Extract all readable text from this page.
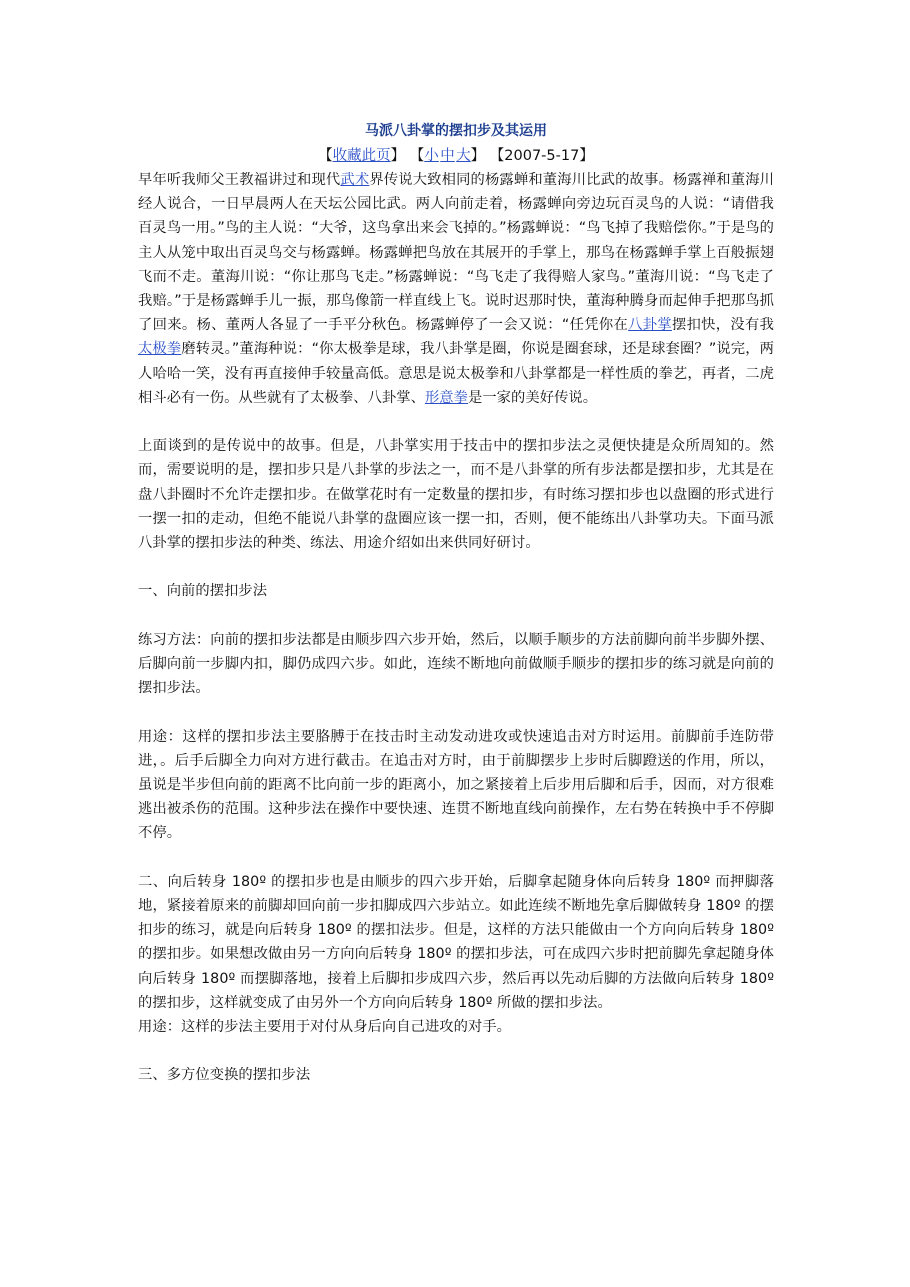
马派八卦掌的摆扣步及其运用
【收藏此页】 【小 中 大】 【2007-5-17】

早年听我师父王教福讲过和现代武术界传说大致相同的杨露蝉和董海川比武的故事。杨露禅和董海川经人说合，一日早晨两人在天坛公园比武。两人向前走着，杨露蝉向旁边玩百灵鸟的人说：“请借我百灵鸟一用。”鸟的主人说：“大爷，这鸟拿出来会飞掉的。”杨露蝉说：“鸟飞掉了我赔偿你。”于是鸟的主人从笼中取出百灵鸟交与杨露蝉。杨露蝉把鸟放在其展开的手掌上，那鸟在杨露蝉手掌上百般振翅飞而不走。董海川说：“你让那鸟飞走。”杨露蝉说：“鸟飞走了我得赔人家鸟。”董海川说：“鸟飞走了我赔。”于是杨露蝉手儿一振，那鸟像箭一样直线上飞。说时迟那时快，董海种腾身而起伸手把那鸟抓了回来。杨、董两人各显了一手平分秋色。杨露蝉停了一会又说：“任凭你在八卦掌摆扣快，没有我太极拳磨转灵。”董海种说：“你太极拳是球，我八卦掌是圈，你说是圈套球，还是球套圈？”说完，两人哈哈一笑，没有再直接伸手较量高低。意思是说太极拳和八卦掌都是一样性质的拳艺，再者，二虎相斗必有一伤。从些就有了太极拳、八卦掌、形意拳是一家的美好传说。

上面谈到的是传说中的故事。但是，八卦掌实用于技击中的摆扣步法之灵便快捷是众所周知的。然而，需要说明的是，摆扣步只是八卦掌的步法之一，而不是八卦掌的所有步法都是摆扣步，尤其是在盘八卦圈时不允许走摆扣步。在做掌花时有一定数量的摆扣步，有时练习摆扣步也以盘圈的形式进行一摆一扣的走动，但绝不能说八卦掌的盘圈应该一摆一扣，否则，便不能练出八卦掌功夫。下面马派八卦掌的摆扣步法的种类、练法、用途介绍如出来供同好研讨。

一、向前的摆扣步法

练习方法：向前的摆扣步法都是由顺步四六步开始，然后，以顺手顺步的方法前脚向前半步脚外摆、后脚向前一步脚内扣，脚仍成四六步。如此，连续不断地向前做顺手顺步的摆扣步的练习就是向前的摆扣步法。

用途：这样的摆扣步法主要胳膊于在技击时主动发动进攻或快速追击对方时运用。前脚前手连防带进，。后手后脚全力向对方进行截击。在追击对方时，由于前脚摆步上步时后脚蹬送的作用，所以，虽说是半步但向前的距离不比向前一步的距离小，加之紧接着上后步用后脚和后手，因而，对方很难逃出被杀伤的范围。这种步法在操作中要快速、连贯不断地直线向前操作，左右势在转换中手不停脚不停。

二、向后转身 180º 的摆扣步也是由顺步的四六步开始，后脚拿起随身体向后转身 180º 而押脚落地，紧接着原来的前脚却回向前一步扣脚成四六步站立。如此连续不断地先拿后脚做转身 180º 的摆扣步的练习，就是向后转身 180º 的摆扣法步。但是，这样的方法只能做由一个方向向后转身 180º 的摆扣步。如果想改做由另一方向向后转身 180º 的摆扣步法，可在成四六步时把前脚先拿起随身体向后转身 180º 而摆脚落地，接着上后脚扣步成四六步，然后再以先动后脚的方法做向后转身 180º 的摆扣步，这样就变成了由另外一个方向向后转身 180º 所做的摆扣步法。

用途：这样的步法主要用于对付从身后向自己进攻的对手。

三、多方位变换的摆扣步法
